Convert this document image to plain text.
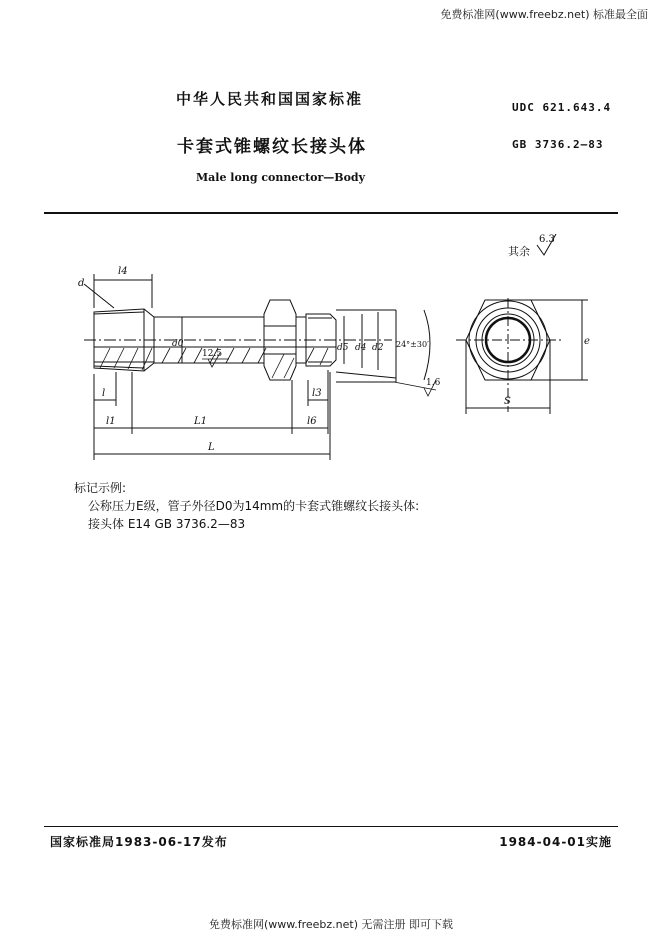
免费标准网(www.freebz.net) 标准最全面
中华人民共和国国家标准	UDC 621.643.4
卡套式锥螺纹长接头体	GB 3736.2—83
Male long connector—Body
其余
6.3
d
l4
d0
12.5
d5 d4 d2 24°±30′
1.6
l	l3
l1	L1	l6
L
e
S
标记示例:
公称压力E级，管子外径D0为14mm的卡套式锥螺纹长接头体:
接头体 E14 GB 3736.2—83
国家标准局1983-06-17发布	1984-04-01实施
免费标准网(www.freebz.net) 无需注册 即可下载
